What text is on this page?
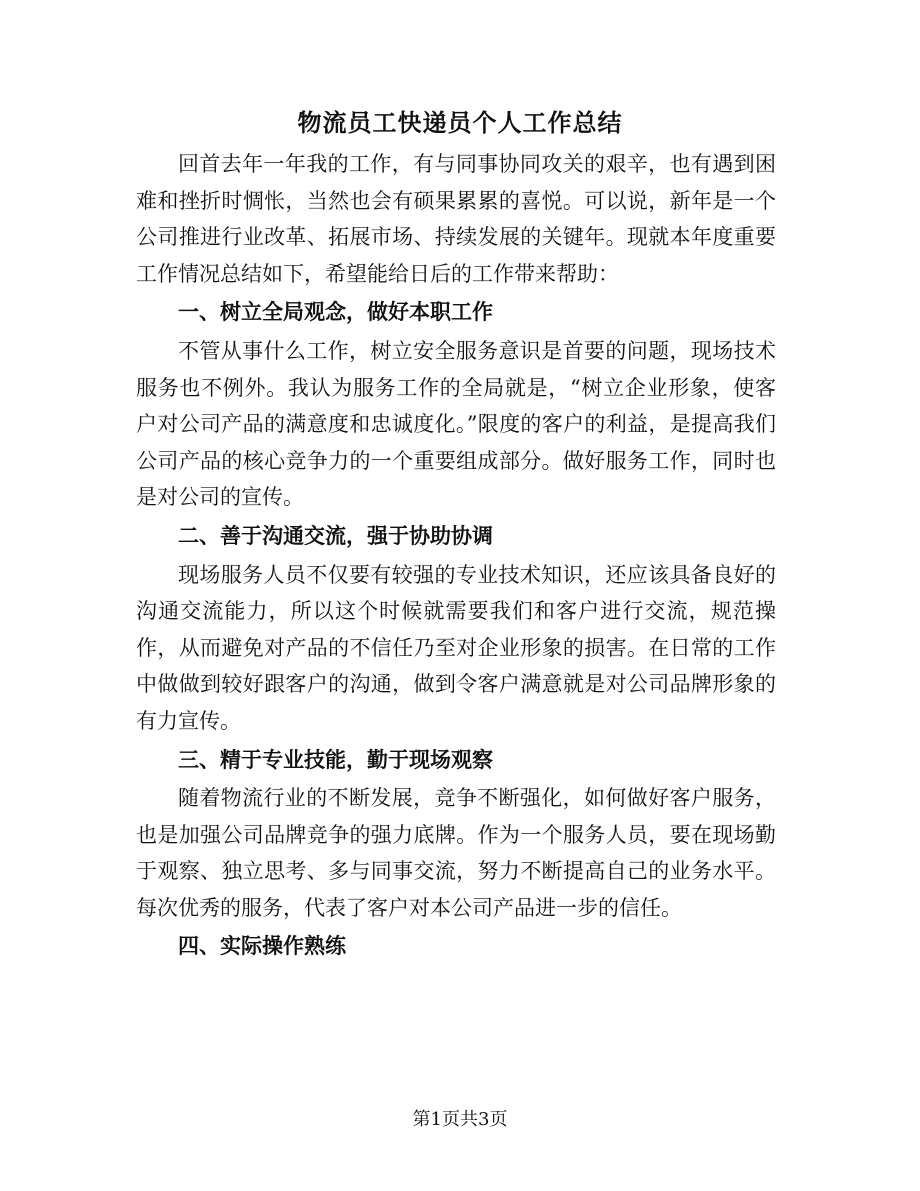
物流员工快递员个人工作总结

回首去年一年我的工作，有与同事协同攻关的艰辛，也有遇到困难和挫折时惆怅，当然也会有硕果累累的喜悦。可以说，新年是一个公司推进行业改革、拓展市场、持续发展的关键年。现就本年度重要工作情况总结如下，希望能给日后的工作带来帮助：

一、树立全局观念，做好本职工作

不管从事什么工作，树立安全服务意识是首要的问题，现场技术服务也不例外。我认为服务工作的全局就是，“树立企业形象，使客户对公司产品的满意度和忠诚度化。”限度的客户的利益，是提高我们公司产品的核心竞争力的一个重要组成部分。做好服务工作，同时也是对公司的宣传。

二、善于沟通交流，强于协助协调

现场服务人员不仅要有较强的专业技术知识，还应该具备良好的沟通交流能力，所以这个时候就需要我们和客户进行交流，规范操作，从而避免对产品的不信任乃至对企业形象的损害。在日常的工作中做做到较好跟客户的沟通，做到令客户满意就是对公司品牌形象的有力宣传。

三、精于专业技能，勤于现场观察

随着物流行业的不断发展，竞争不断强化，如何做好客户服务，也是加强公司品牌竞争的强力底牌。作为一个服务人员，要在现场勤于观察、独立思考、多与同事交流，努力不断提高自己的业务水平。每次优秀的服务，代表了客户对本公司产品进一步的信任。

四、实际操作熟练

第1页共3页
